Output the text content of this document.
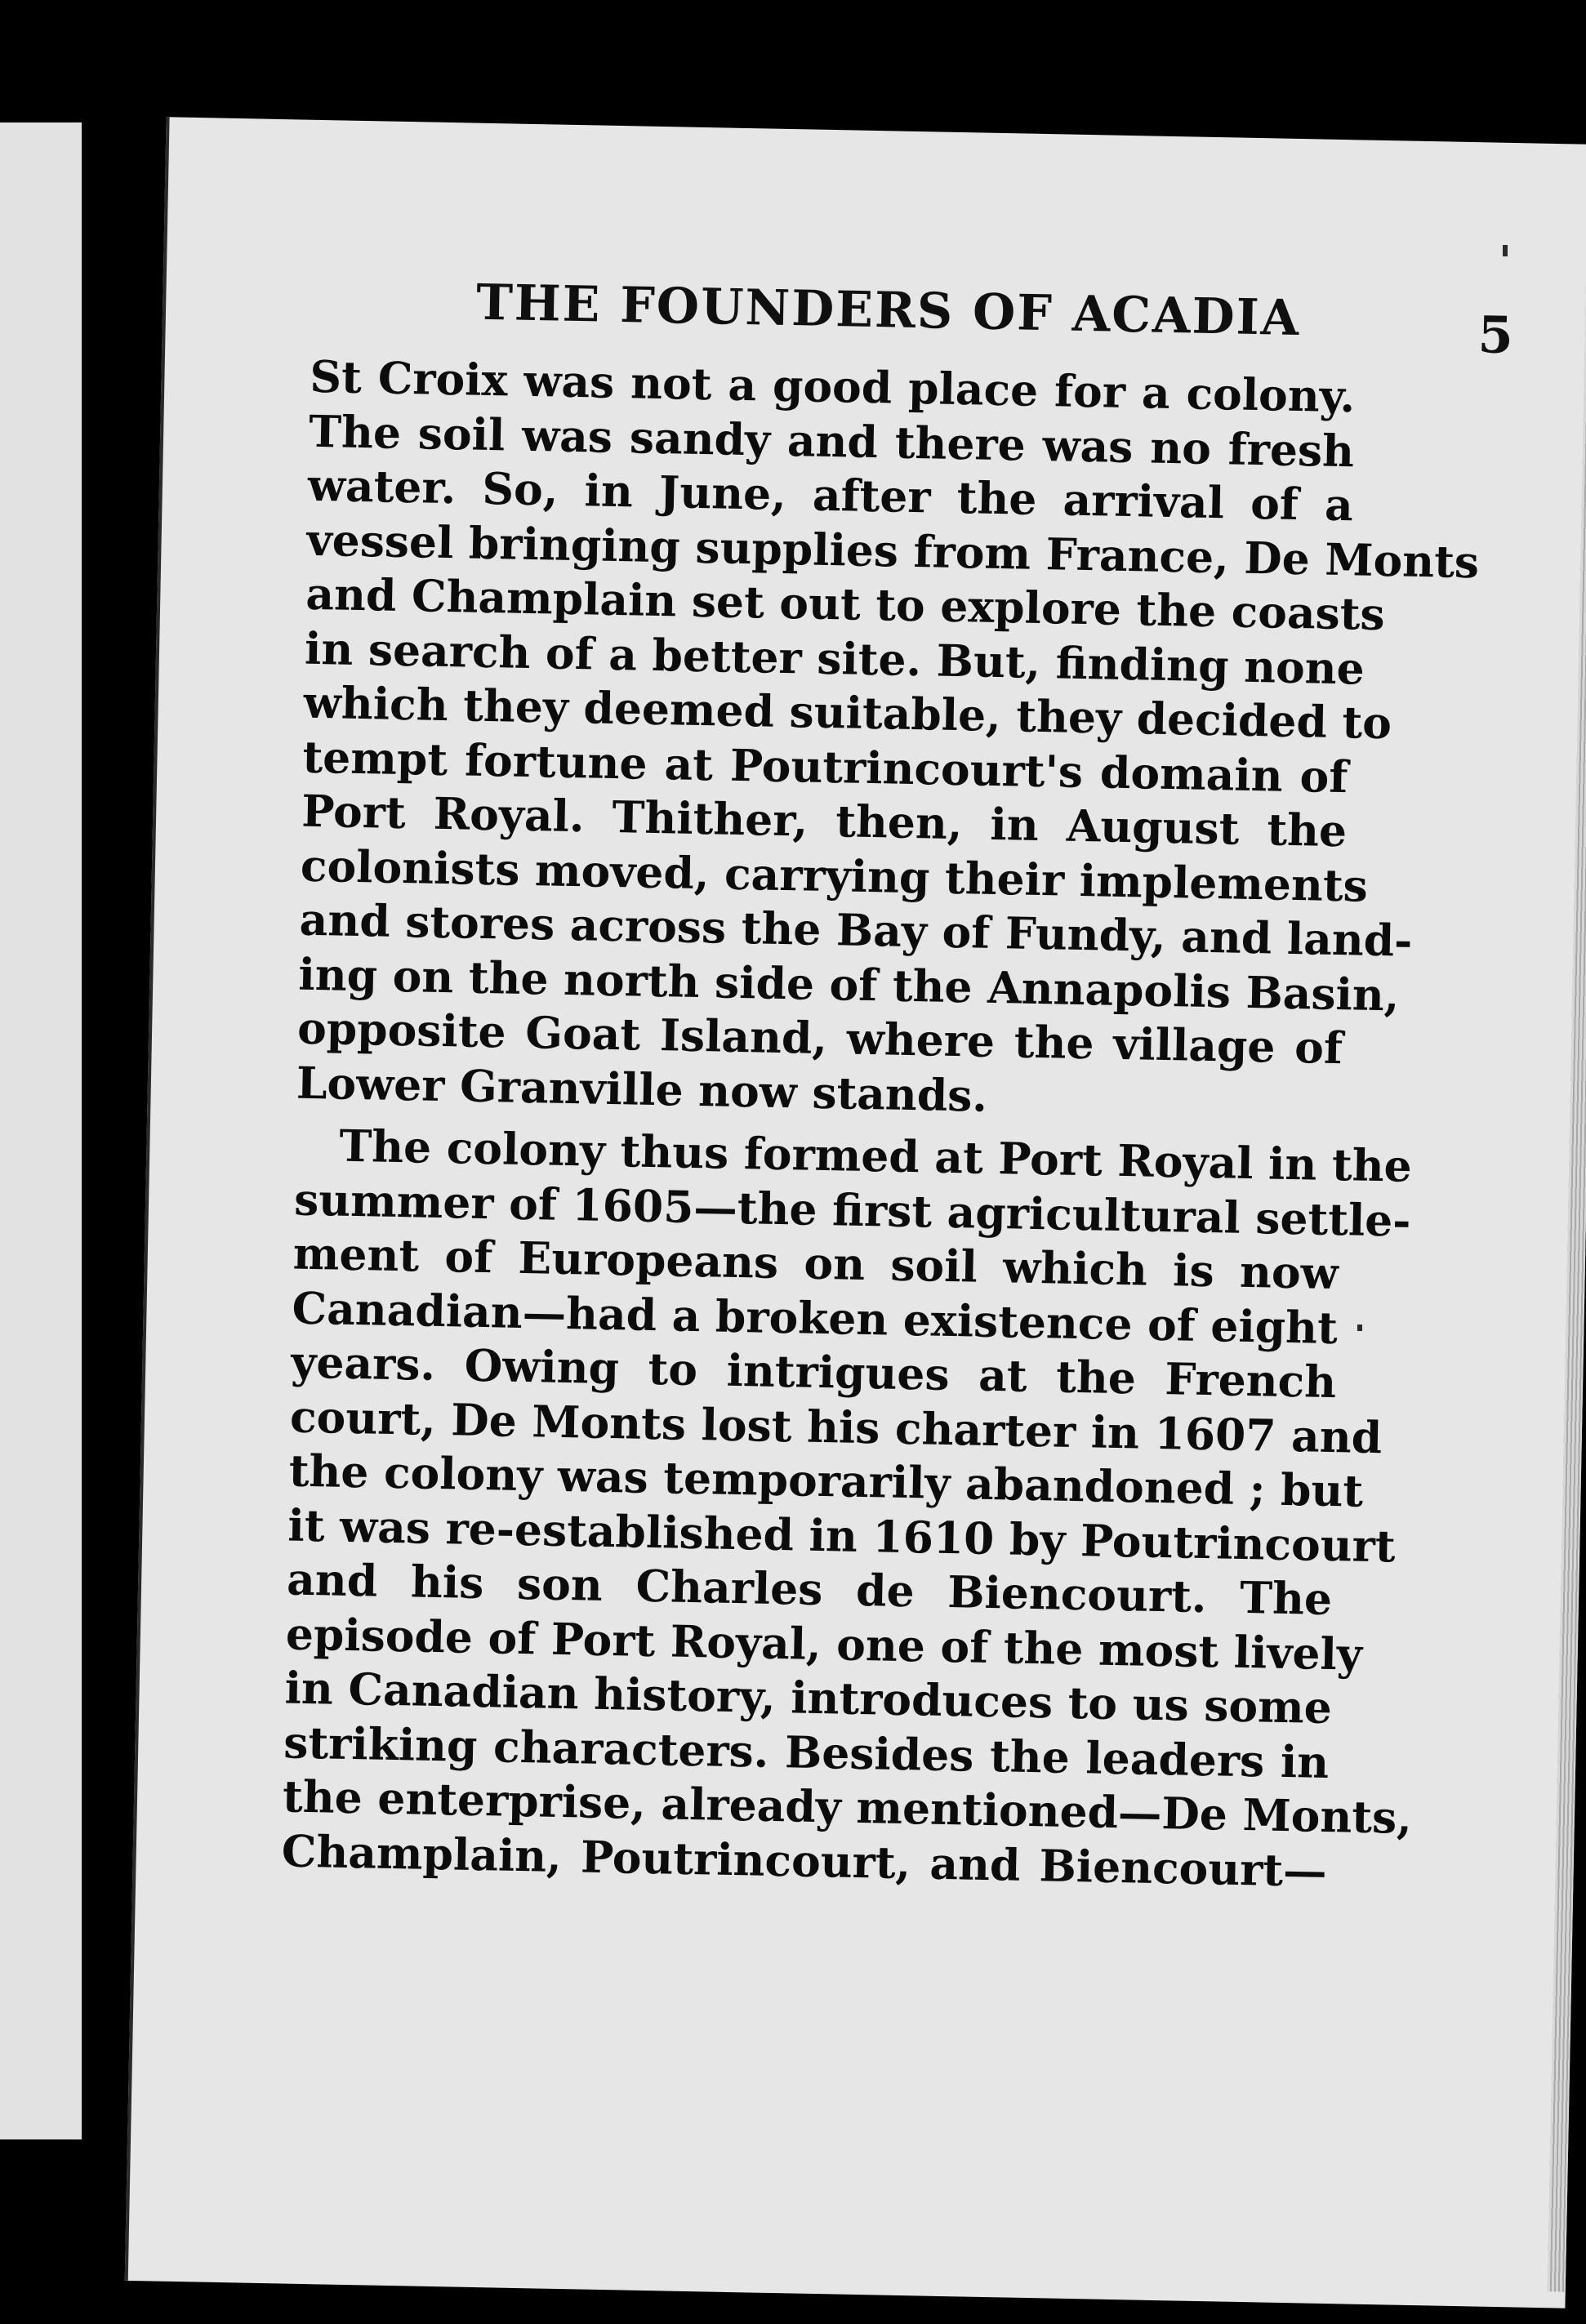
THE FOUNDERS OF ACADIA	5
St Croix was not a good place for a colony.
The soil was sandy and there was no fresh
water. So, in June, after the arrival of a
vessel bringing supplies from France, De Monts
and Champlain set out to explore the coasts
in search of a better site. But, finding none
which they deemed suitable, they decided to
tempt fortune at Poutrincourt's domain of
Port Royal. Thither, then, in August the
colonists moved, carrying their implements
and stores across the Bay of Fundy, and land-
ing on the north side of the Annapolis Basin,
opposite Goat Island, where the village of
Lower Granville now stands.
The colony thus formed at Port Royal in the
summer of 1605—the first agricultural settle-
ment of Europeans on soil which is now
Canadian—had a broken existence of eight
years. Owing to intrigues at the French
court, De Monts lost his charter in 1607 and
the colony was temporarily abandoned ; but
it was re-established in 1610 by Poutrincourt
and his son Charles de Biencourt. The
episode of Port Royal, one of the most lively
in Canadian history, introduces to us some
striking characters. Besides the leaders in
the enterprise, already mentioned—De Monts,
Champlain, Poutrincourt, and Biencourt—
